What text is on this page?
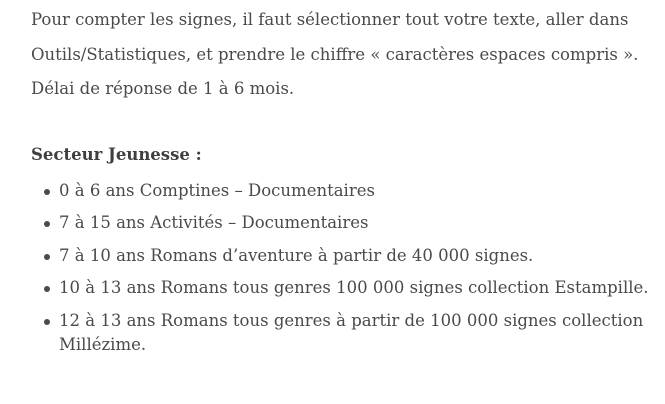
Pour compter les signes, il faut sélectionner tout votre texte, aller dans

Outils/Statistiques, et prendre le chiffre « caractères espaces compris ».

Délai de réponse de 1 à 6 mois.

Secteur Jeunesse :
0 à 6 ans Comptines – Documentaires
7 à 15 ans Activités – Documentaires
7 à 10 ans Romans d’aventure à partir de 40 000 signes.
10 à 13 ans Romans tous genres 100 000 signes collection Estampille.
12 à 13 ans Romans tous genres à partir de 100 000 signes collection Millézime.
